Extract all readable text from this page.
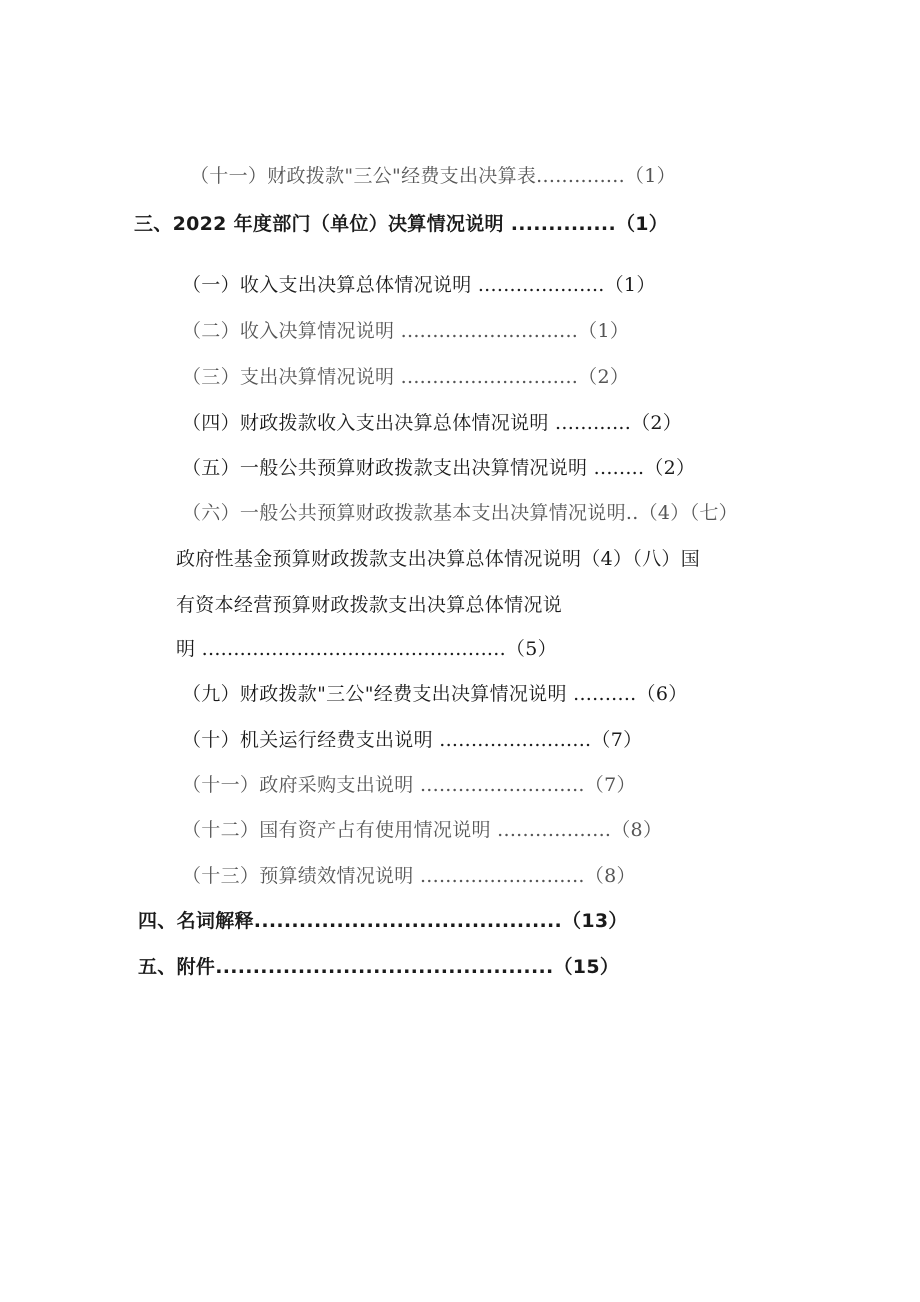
（十一）财政拨款"三公"经费支出决算表..............（1）
三、2022 年度部门（单位）决算情况说明 ..............（1）
（一）收入支出决算总体情况说明 ....................（1）
（二）收入决算情况说明 ............................（1）
（三）支出决算情况说明 ............................（2）
（四）财政拨款收入支出决算总体情况说明 ............（2）
（五）一般公共预算财政拨款支出决算情况说明 ........（2）
（六）一般公共预算财政拨款基本支出决算情况说明..（4）（七）
政府性基金预算财政拨款支出决算总体情况说明（4）（八）国
有资本经营预算财政拨款支出决算总体情况说
明 ................................................（5）
（九）财政拨款"三公"经费支出决算情况说明 ..........（6）
（十）机关运行经费支出说明 ........................（7）
（十一）政府采购支出说明 ..........................（7）
（十二）国有资产占有使用情况说明 ..................（8）
（十三）预算绩效情况说明 ..........................（8）
四、名词解释.........................................（13）
五、附件.............................................（15）
